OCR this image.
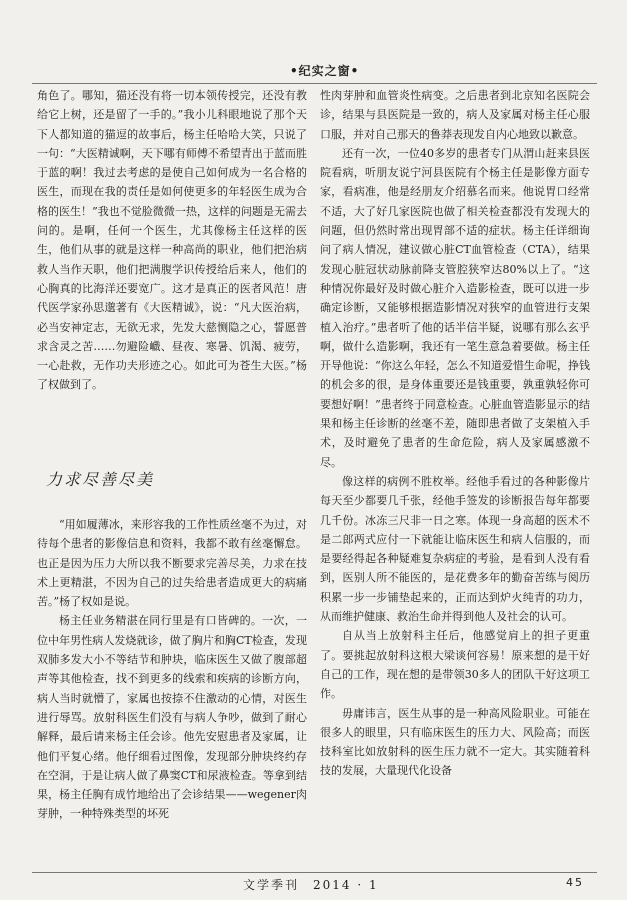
•纪实之窗•

角色了。哪知，猫还没有将一切本领传授完，还没有教给它上树，还是留了一手的。”我小儿科眼地说了那个天下人都知道的猫逗的故事后，杨主任哈哈大笑，只说了一句：“大医精诚啊，天下哪有师傅不希望青出于蓝而胜于蓝的啊！我过去考虑的是使自己如何成为一名合格的医生，而现在我的责任是如何使更多的年轻医生成为合格的医生！”我也不觉脸微微一热，这样的问题是无需去问的。是啊，任何一个医生，尤其像杨主任这样的医生，他们从事的就是这样一种高尚的职业，他们把治病救人当作天职，他们把满腹学识传授给后来人，他们的心胸真的比海洋还要宽广。这才是真正的医者风范！唐代医学家孙思邈著有《大医精诚》，说：“凡大医治病，必当安神定志，无欲无求，先发大慈恻隐之心，誓愿普求含灵之苦……勿避险巇、昼夜、寒暑、饥渴、疲劳，一心赴救，无作功夫形迹之心。如此可为苍生大医。”杨了权做到了。

力求尽善尽美

“用如履薄冰，来形容我的工作性质丝毫不为过，对待每个患者的影像信息和资料，我都不敢有丝毫懈怠。也正是因为压力大所以我不断要求完善尽美，力求在技术上更精湛，不因为自己的过失给患者造成更大的病痛苦。”杨了权如是说。

杨主任业务精湛在同行里是有口皆碑的。一次，一位中年男性病人发烧就诊，做了胸片和胸CT检查，发现双肺多发大小不等结节和肿块，临床医生又做了腹部超声等其他检查，找不到更多的线索和疾病的诊断方向，病人当时就懵了，家属也按捺不住激动的心情，对医生进行辱骂。放射科医生们没有与病人争吵，做到了耐心解释，最后请来杨主任会诊。他先安慰患者及家属，让他们平复心绪。他仔细看过图像，发现部分肿块终约存在空洞，于是让病人做了鼻窦CT和尿液检查。等拿到结果，杨主任胸有成竹地给出了会诊结果——wegener肉芽肿，一种特殊类型的坏死

性肉芽肿和血管炎性病变。之后患者到北京知名医院会诊，结果与县医院是一致的，病人及家属对杨主任心服口服，并对自己那天的鲁莽表现发自内心地致以歉意。

还有一次，一位40多岁的患者专门从渭山赶来县医院看病，听朋友说宁河县医院有个杨主任是影像方面专家，看病准，他是经朋友介绍慕名而来。他说胃口经常不适，大了好几家医院也做了相关检查都没有发现大的问题，但仍然时常出现胃部不适的症状。杨主任详细询问了病人情况，建议做心脏CT血管检查（CTA），结果发现心脏冠状动脉前降支管腔狭窄达80%以上了。“这种情况你最好及时做心脏介入造影检查，既可以进一步确定诊断，又能够根据造影情况对狭窄的血管进行支架植入治疗。”患者听了他的话半信半疑，说哪有那么玄乎啊，做什么造影啊，我还有一笔生意急着要做。杨主任开导他说：“你这么年轻，怎么不知道爱惜生命呢，挣钱的机会多的很，是身体重要还是钱重要，孰重孰轻你可要想好啊！”患者终于同意检查。心脏血管造影显示的结果和杨主任诊断的丝毫不差，随即患者做了支架植入手术，及时避免了患者的生命危险，病人及家属感激不尽。

像这样的病例不胜枚举。经他手看过的各种影像片每天至少都要几千张，经他手签发的诊断报告每年都要几千份。冰冻三尺非一日之寒。体现一身高超的医术不是二郎两式应付一下就能让临床医生和病人信服的，而是要经得起各种疑难复杂病症的考验，是看到人没有看到，医别人所不能医的，是花费多年的勤奋苦练与阅历积累一步一步铺垫起来的，正而达到炉火纯青的功力，从而维护健康、救治生命并得到他人及社会的认可。

自从当上放射科主任后，他感觉肩上的担子更重了。要挑起放射科这根大梁谈何容易！原来想的是干好自己的工作，现在想的是带领30多人的团队干好这项工作。

毋庸讳言，医生从事的是一种高风险职业。可能在很多人的眼里，只有临床医生的压力大、风险高；而医技科室比如放射科的医生压力就不一定大。其实随着科技的发展，大量现代化设备

文学季刊　2014 · 1	45
